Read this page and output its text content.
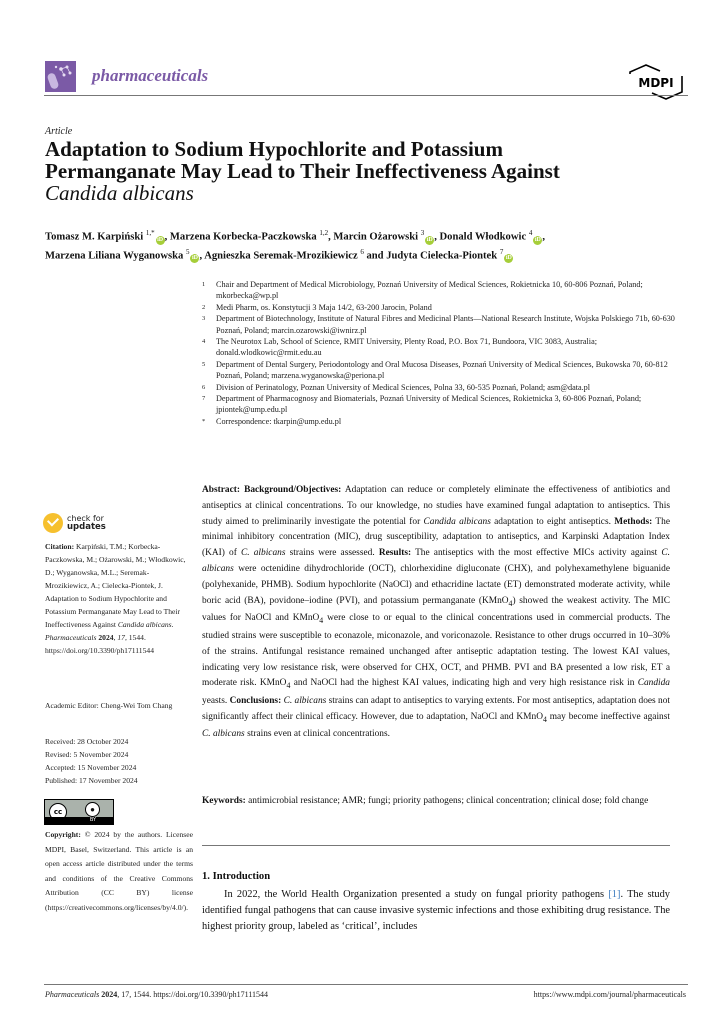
pharmaceuticals	MDPI
Article
Adaptation to Sodium Hypochlorite and Potassium
Permanganate May Lead to Their Ineffectiveness Against
Candida albicans
Tomasz M. Karpiński $^{1,*}$iD , Marzena Korbecka-Paczkowska $^{1,2}$, Marcin Ożarowski $^3$iD , Donald Włodkowic $^4$iD ,
Marzena Liliana Wyganowska $^5$iD , Agnieszka Seremak-Mrozikiewicz $^6$ and Judyta Cielecka-Piontek $^7$iD
1	Chair and Department of Medical Microbiology, Poznań University of Medical Sciences, Rokietnicka 10, 60-806 Poznań, Poland; mkorbecka@wp.pl
2	Medi Pharm, os. Konstytucji 3 Maja 14/2, 63-200 Jarocin, Poland
3	Department of Biotechnology, Institute of Natural Fibres and Medicinal Plants—National Research Institute, Wojska Polskiego 71b, 60-630 Poznań, Poland; marcin.ozarowski@iwnirz.pl
4	The Neurotox Lab, School of Science, RMIT University, Plenty Road, P.O. Box 71, Bundoora, VIC 3083, Australia; donald.wlodkowic@rmit.edu.au
5	Department of Dental Surgery, Periodontology and Oral Mucosa Diseases, Poznań University of Medical Sciences, Bukowska 70, 60-812 Poznań, Poland; marzena.wyganowska@periona.pl
6	Division of Perinatology, Poznan University of Medical Sciences, Polna 33, 60-535 Poznań, Poland; asm@data.pl
7	Department of Pharmacognosy and Biomaterials, Poznań University of Medical Sciences, Rokietnicka 3, 60-806 Poznań, Poland; jpiontek@ump.edu.pl
*	Correspondence: tkarpin@ump.edu.pl
check for
updates
Citation: Karpiński, T.M.; Korbecka-Paczkowska, M.; Ożarowski, M.; Włodkowic, D.; Wyganowska, M.L.; Seremak-Mrozikiewicz, A.; Cielecka-Piontek, J. Adaptation to Sodium Hypochlorite and Potassium Permanganate May Lead to Their Ineffectiveness Against Candida albicans. Pharmaceuticals 2024, 17, 1544. https://doi.org/10.3390/ph17111544
Academic Editor: Cheng-Wei Tom Chang
Received: 28 October 2024
Revised: 5 November 2024
Accepted: 15 November 2024
Published: 17 November 2024
cc	●
BY
Copyright: © 2024 by the authors. Licensee MDPI, Basel, Switzerland. This article is an open access article distributed under the terms and conditions of the Creative Commons Attribution (CC BY) license (https://creativecommons.org/licenses/by/4.0/).
Abstract: Background/Objectives: Adaptation can reduce or completely eliminate the effectiveness of antibiotics and antiseptics at clinical concentrations. To our knowledge, no studies have examined fungal adaptation to antiseptics. This study aimed to preliminarily investigate the potential for Candida albicans adaptation to eight antiseptics. Methods: The minimal inhibitory concentration (MIC), drug susceptibility, adaptation to antiseptics, and Karpinski Adaptation Index (KAI) of C. albicans strains were assessed. Results: The antiseptics with the most effective MICs activity against C. albicans were octenidine dihydrochloride (OCT), chlorhexidine digluconate (CHX), and polyhexamethylene biguanide (polyhexanide, PHMB). Sodium hypochlorite (NaOCl) and ethacridine lactate (ET) demonstrated moderate activity, while boric acid (BA), povidone–iodine (PVI), and potassium permanganate (KMnO$_4$) showed the weakest activity. The MIC values for NaOCl and KMnO$_4$ were close to or equal to the clinical concentrations used in commercial products. The studied strains were susceptible to econazole, miconazole, and voriconazole. Resistance to other drugs occurred in 10–30% of the strains. Antifungal resistance remained unchanged after antiseptic adaptation testing. The lowest KAI values, indicating very low resistance risk, were observed for CHX, OCT, and PHMB. PVI and BA presented a low risk, ET a moderate risk. KMnO$_4$ and NaOCl had the highest KAI values, indicating high and very high resistance risk in Candida yeasts. Conclusions: C. albicans strains can adapt to antiseptics to varying extents. For most antiseptics, adaptation does not significantly affect their clinical efficacy. However, due to adaptation, NaOCl and KMnO$_4$ may become ineffective against C. albicans strains even at clinical concentrations.
Keywords: antimicrobial resistance; AMR; fungi; priority pathogens; clinical concentration; clinical dose; fold change
1. Introduction
In 2022, the World Health Organization presented a study on fungal priority pathogens [1]. The study identified fungal pathogens that can cause invasive systemic infections and those exhibiting drug resistance. The highest priority group, labeled as ‘critical’, includes
Pharmaceuticals 2024, 17, 1544. https://doi.org/10.3390/ph17111544	https://www.mdpi.com/journal/pharmaceuticals
